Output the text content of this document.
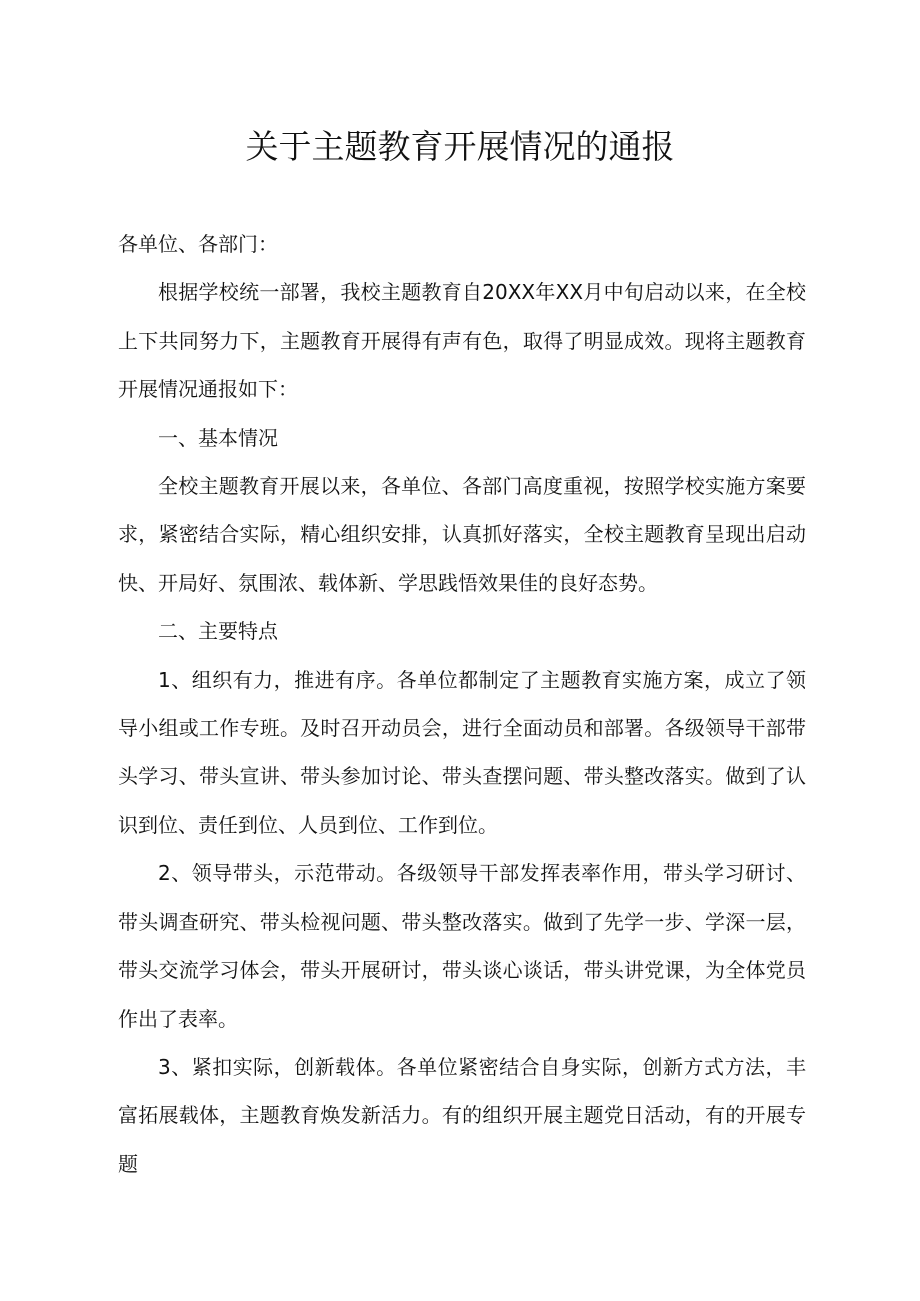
关于主题教育开展情况的通报

各单位、各部门：

根据学校统一部署，我校主题教育自20XX年XX月中旬启动以来，在全校上下共同努力下，主题教育开展得有声有色，取得了明显成效。现将主题教育开展情况通报如下：

一、基本情况

全校主题教育开展以来，各单位、各部门高度重视，按照学校实施方案要求，紧密结合实际，精心组织安排，认真抓好落实，全校主题教育呈现出启动快、开局好、氛围浓、载体新、学思践悟效果佳的良好态势。

二、主要特点

1、组织有力，推进有序。各单位都制定了主题教育实施方案，成立了领导小组或工作专班。及时召开动员会，进行全面动员和部署。各级领导干部带头学习、带头宣讲、带头参加讨论、带头查摆问题、带头整改落实。做到了认识到位、责任到位、人员到位、工作到位。

2、领导带头，示范带动。各级领导干部发挥表率作用，带头学习研讨、带头调查研究、带头检视问题、带头整改落实。做到了先学一步、学深一层，带头交流学习体会，带头开展研讨，带头谈心谈话，带头讲党课，为全体党员作出了表率。

3、紧扣实际，创新载体。各单位紧密结合自身实际，创新方式方法，丰富拓展载体，主题教育焕发新活力。有的组织开展主题党日活动，有的开展专题
